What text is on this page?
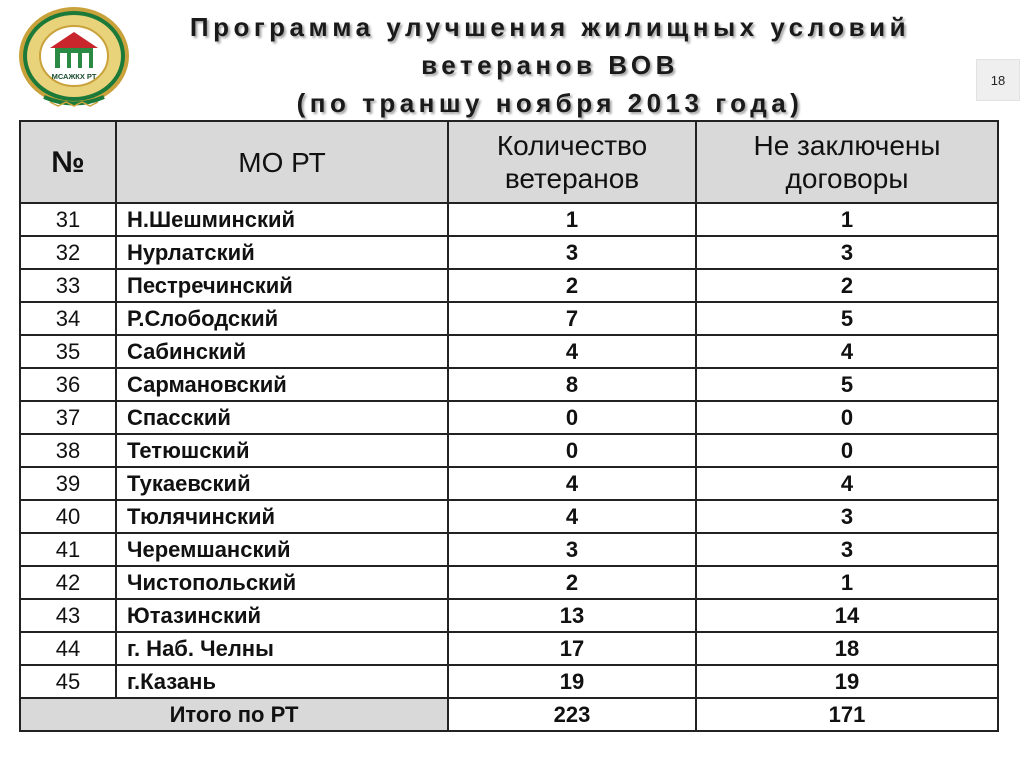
МСАЖКХ РТ
Программа улучшения жилищных условий
ветеранов ВОВ
(по траншу ноября 2013 года)
18
№	МО РТ	Количество ветеранов	Не заключены договоры
31	Н.Шешминский	1	1
32	Нурлатский	3	3
33	Пестречинский	2	2
34	Р.Слободский	7	5
35	Сабинский	4	4
36	Сармановский	8	5
37	Спасский	0	0
38	Тетюшский	0	0
39	Тукаевский	4	4
40	Тюлячинский	4	3
41	Черемшанский	3	3
42	Чистопольский	2	1
43	Ютазинский	13	14
44	г. Наб. Челны	17	18
45	г.Казань	19	19
Итого по РТ		223	171
